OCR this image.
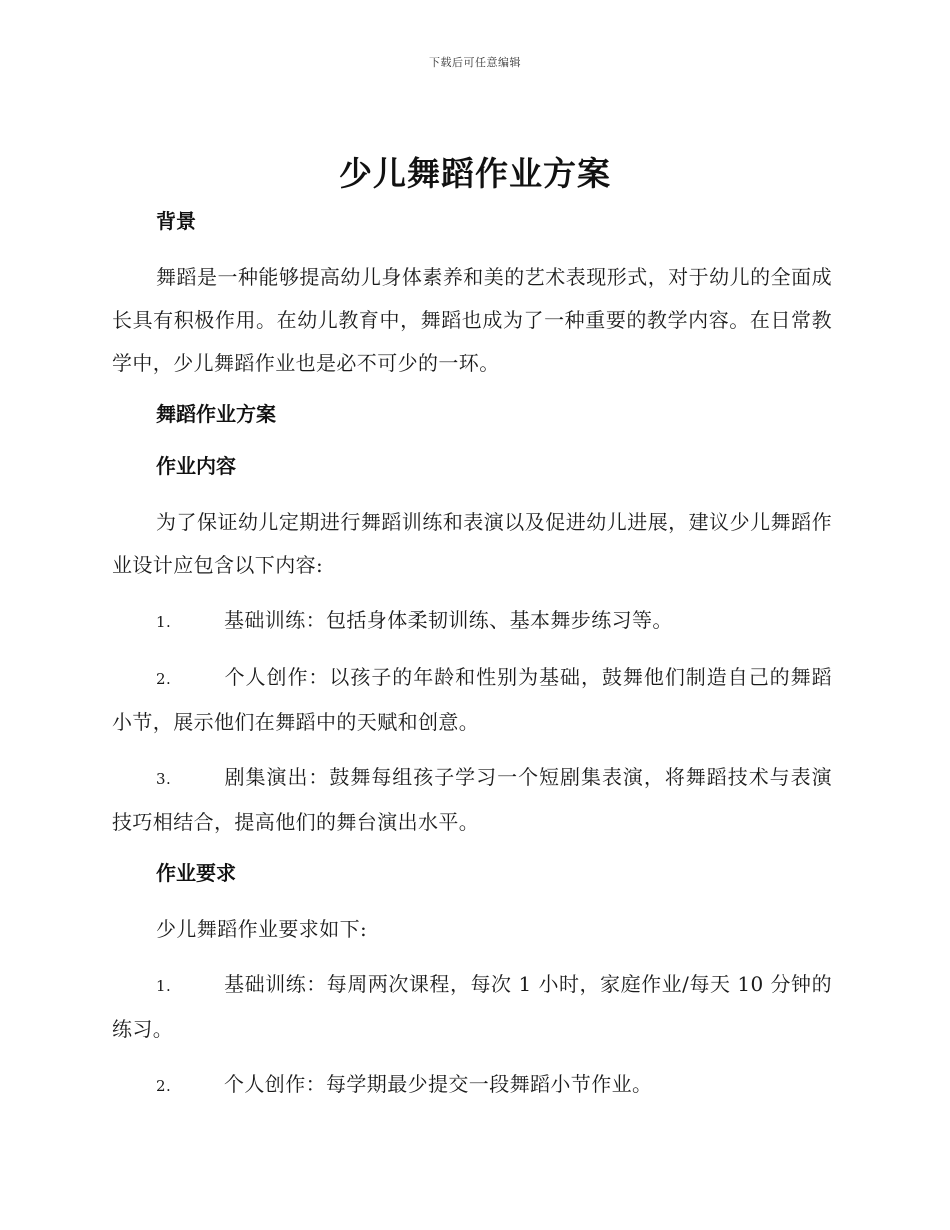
下载后可任意编辑
少儿舞蹈作业方案

背景

舞蹈是一种能够提高幼儿身体素养和美的艺术表现形式，对于幼儿的全面成长具有积极作用。在幼儿教育中，舞蹈也成为了一种重要的教学内容。在日常教学中，少儿舞蹈作业也是必不可少的一环。

舞蹈作业方案

作业内容

为了保证幼儿定期进行舞蹈训练和表演以及促进幼儿进展，建议少儿舞蹈作业设计应包含以下内容:

1.	基础训练：包括身体柔韧训练、基本舞步练习等。

2.	个人创作：以孩子的年龄和性别为基础，鼓舞他们制造自己的舞蹈小节，展示他们在舞蹈中的天赋和创意。

3.	剧集演出：鼓舞每组孩子学习一个短剧集表演，将舞蹈技术与表演技巧相结合，提高他们的舞台演出水平。

作业要求

少儿舞蹈作业要求如下:

1.	基础训练：每周两次课程，每次 1 小时，家庭作业/每天 10 分钟的练习。

2.	个人创作：每学期最少提交一段舞蹈小节作业。
